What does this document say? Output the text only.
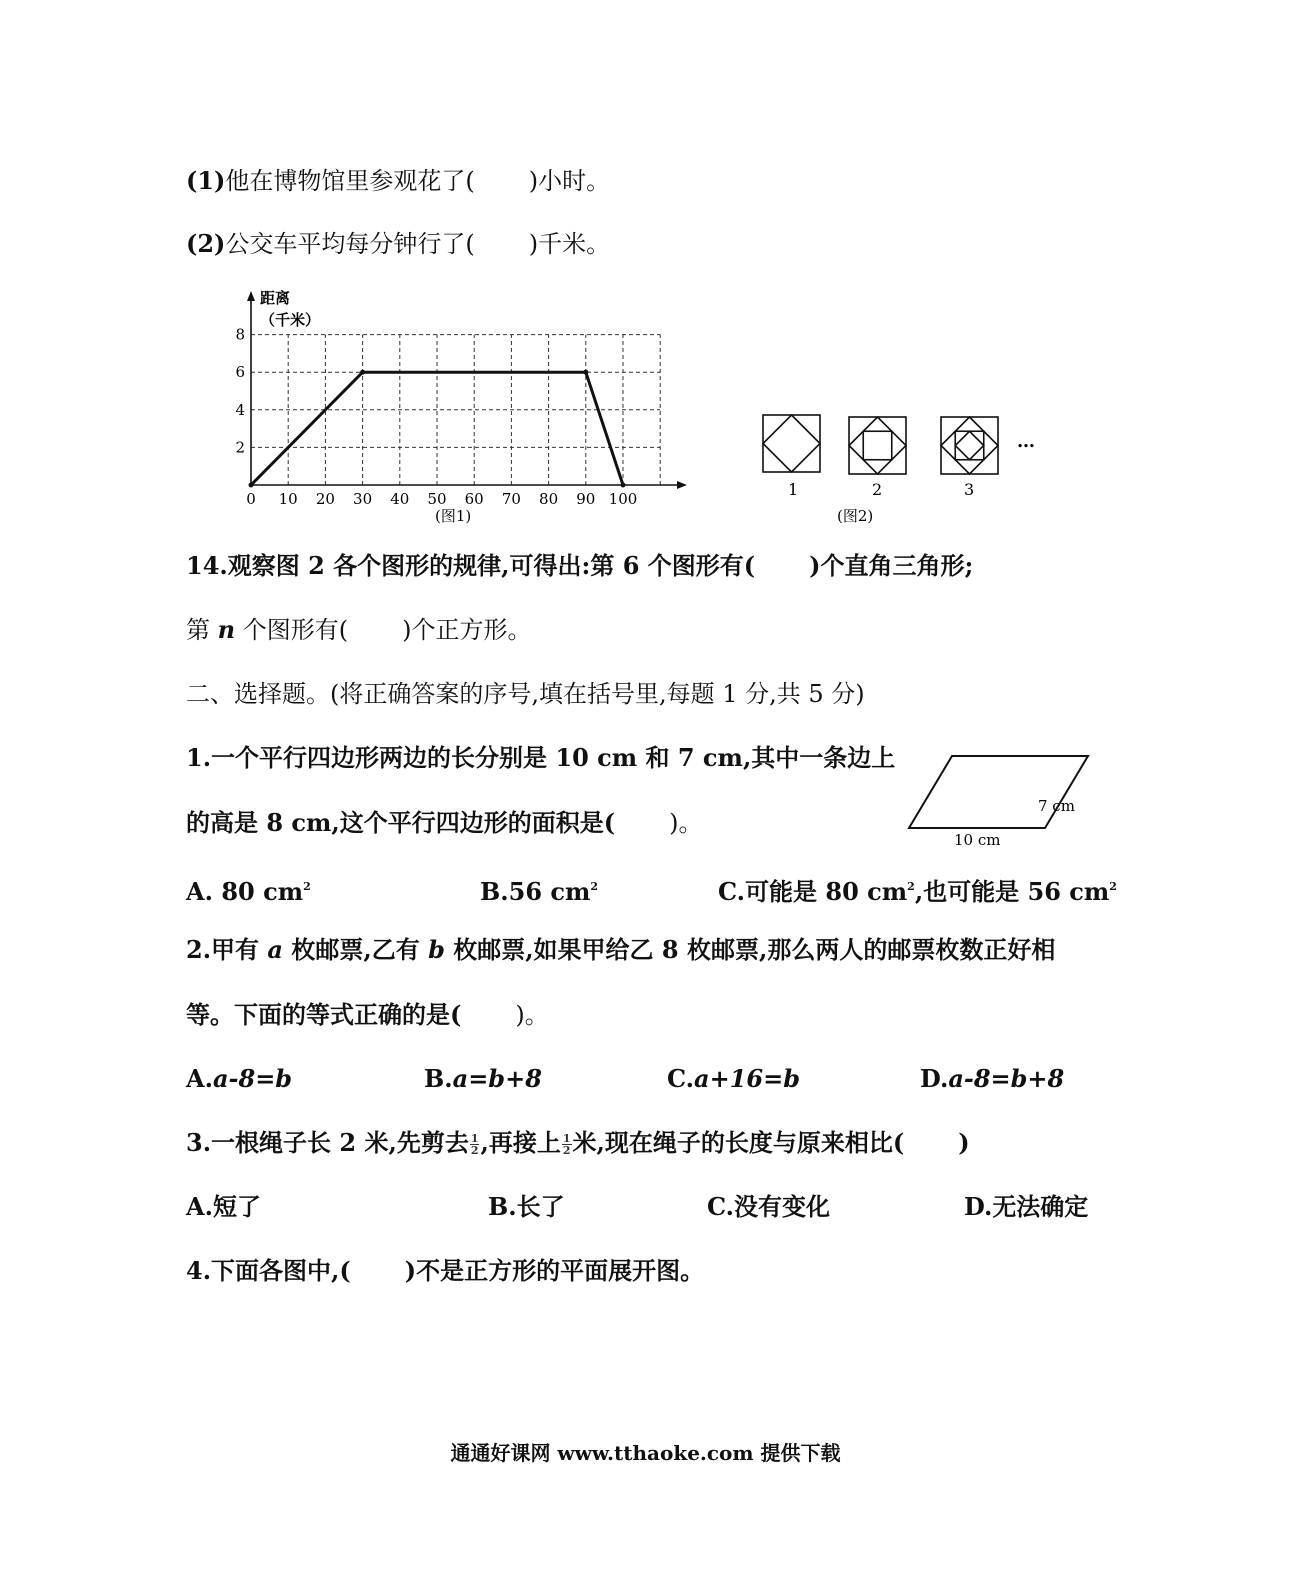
(1)他在博物馆里参观花了( )小时。
(2)公交车平均每分钟行了( )千米。
0 10 20 30 40 50 60 70 80 90 100
2
4
6
8
距离
（千米）
(图1)
…
1	2	3
(图2)
14.观察图 2 各个图形的规律,可得出:第 6 个图形有( )个直角三角形;
第 n 个图形有( )个正方形。
二、选择题。(将正确答案的序号,填在括号里,每题 1 分,共 5 分)
1.一个平行四边形两边的长分别是 10 cm 和 7 cm,其中一条边上
的高是 8 cm,这个平行四边形的面积是( )。
7 cm
10 cm
A. 80 $cm^2$	B.56 $cm^2$	C.可能是 80 $cm^2$,也可能是 56 $cm^2$
2.甲有 a 枚邮票,乙有 b 枚邮票,如果甲给乙 8 枚邮票,那么两人的邮票枚数正好相
等。下面的等式正确的是( )。
A.a-8=b	B.a=b+8	C.a+16=b	D.a-8=b+8
3.一根绳子长 2 米,先剪去 $\frac{1}{2}$ ,再接上 $\frac{1}{2}$ 米,现在绳子的长度与原来相比( )
A.短了	B.长了	C.没有变化	D.无法确定
4.下面各图中,( )不是正方形的平面展开图。
通通好课网 www.tthaoke.com 提供下载
